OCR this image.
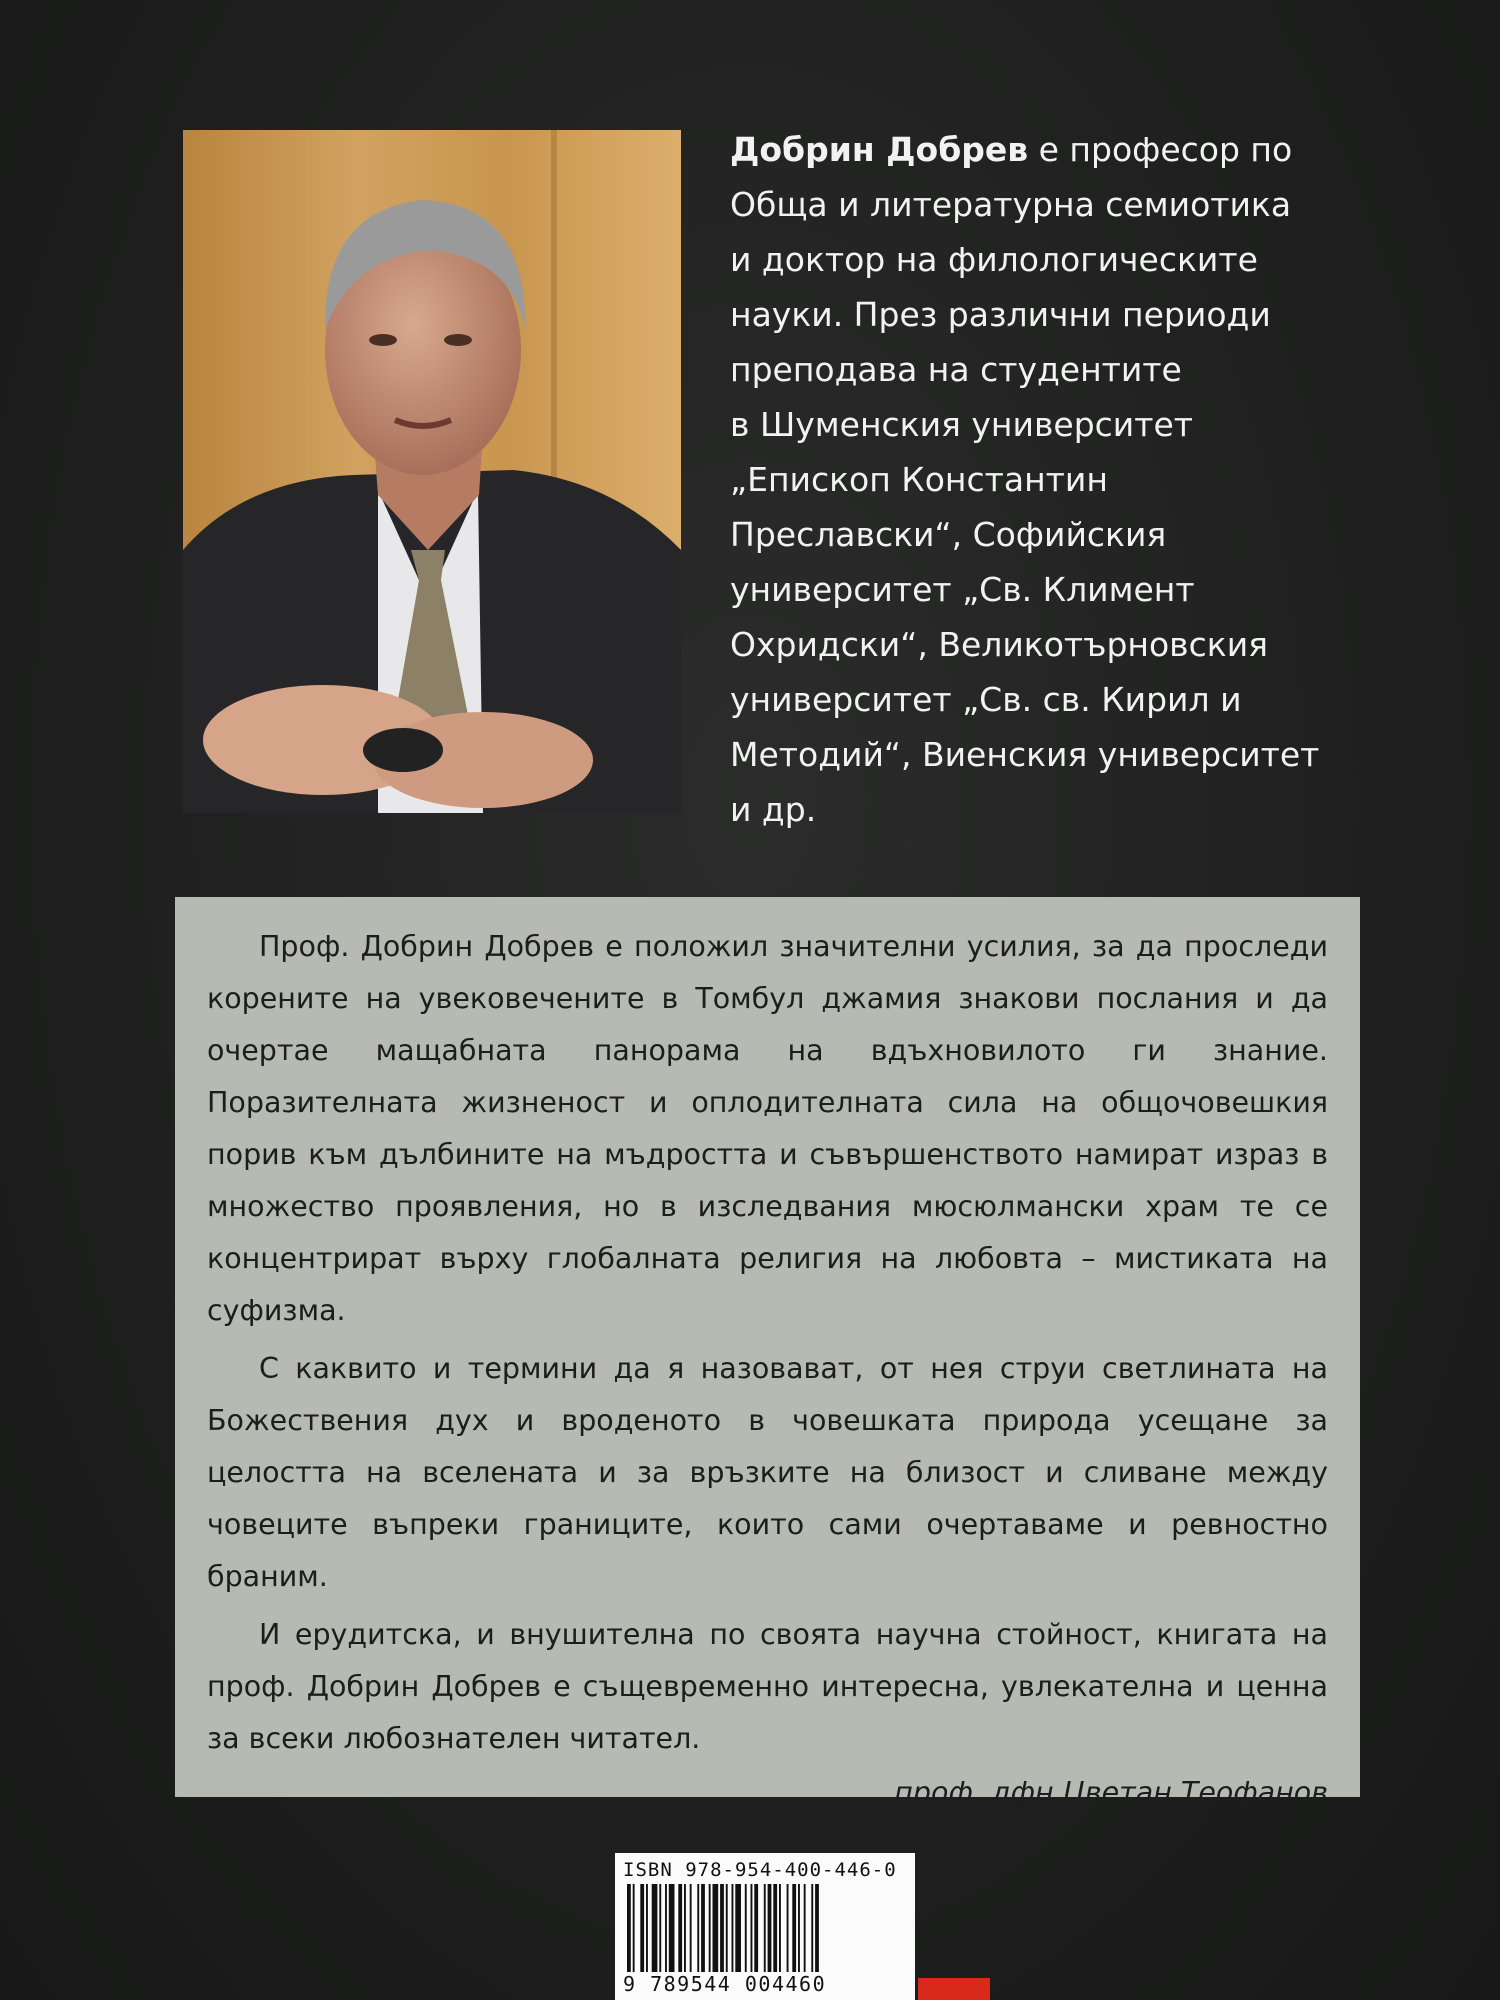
Добрин Добрев е професор по
Обща и литературна семиотика
и доктор на филологическите
науки. През различни периоди
преподава на студентите
в Шуменския университет
„Епископ Константин
Преславски“, Софийския
университет „Св. Климент
Охридски“, Великотърновския
университет „Св. св. Кирил и
Методий“, Виенския университет
и др.

Проф. Добрин Добрев е положил значителни усилия, за да проследи корените на увековечените в Томбул джамия знакови послания и да очертае мащабната панорама на вдъхновилото ги знание. Поразителната жизненост и оплодителната сила на общочовешкия порив към дълбините на мъдростта и съвършенството намират израз в множество проявления, но в изследвания мюсюлмански храм те се концентрират върху глобалната религия на любовта – мистиката на суфизма.

С каквито и термини да я назовават, от нея струи светлината на Божествения дух и вроденото в човешката природа усещане за целостта на вселената и за връзките на близост и сливане между човеците въпреки границите, които сами очертаваме и ревностно браним.

И ерудитска, и внушителна по своята научна стойност, книгата на проф. Добрин Добрев е същевременно интересна, увлекателна и ценна за всеки любознателен читател.

проф. дфн Цветан Теофанов

ISBN 978-954-400-446-0
9 789544 004460
